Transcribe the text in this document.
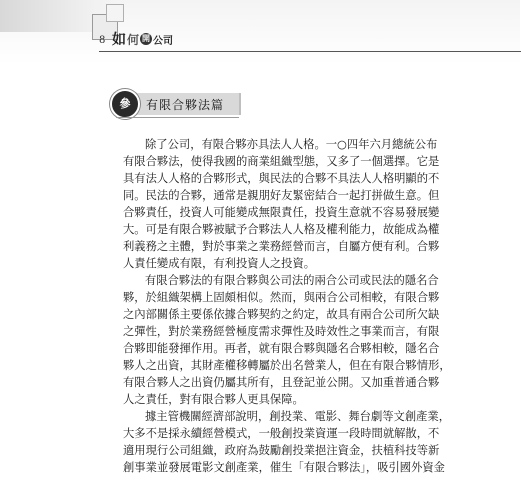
8 如 何 開 公司
參	有限合夥法篇
除了公司，有限合夥亦具法人人格。一○四年六月總統公布
有限合夥法，使得我國的商業組織型態，又多了一個選擇。它是
具有法人人格的合夥形式，與民法的合夥不具法人人格明顯的不
同。民法的合夥，通常是親朋好友緊密結合一起打拼做生意。但
合夥責任，投資人可能變成無限責任，投資生意就不容易發展變
大。可是有限合夥被賦予合夥法人人格及權利能力，故能成為權
利義務之主體，對於事業之業務經營而言，自屬方便有利。合夥
人責任變成有限，有利投資人之投資。
有限合夥法的有限合夥與公司法的兩合公司或民法的隱名合
夥，於組織架構上固頗相似。然而，與兩合公司相較，有限合夥
之內部關係主要係依據合夥契約之約定，故具有兩合公司所欠缺
之彈性，對於業務經營極度需求彈性及時效性之事業而言，有限
合夥即能發揮作用。再者，就有限合夥與隱名合夥相較，隱名合
夥人之出資，其財產權移轉屬於出名營業人，但在有限合夥情形，
有限合夥人之出資仍屬其所有，且登記並公開。又加重普通合夥
人之責任，對有限合夥人更具保障。
據主管機關經濟部說明，創投業、電影、舞台劇等文創產業，
大多不是採永續經營模式，一般創投業資運一段時間就解散，不
適用現行公司組織，政府為鼓勵創投業挹注資金，扶植科技等新
創事業並發展電影文創產業，催生「有限合夥法」，吸引國外資金
